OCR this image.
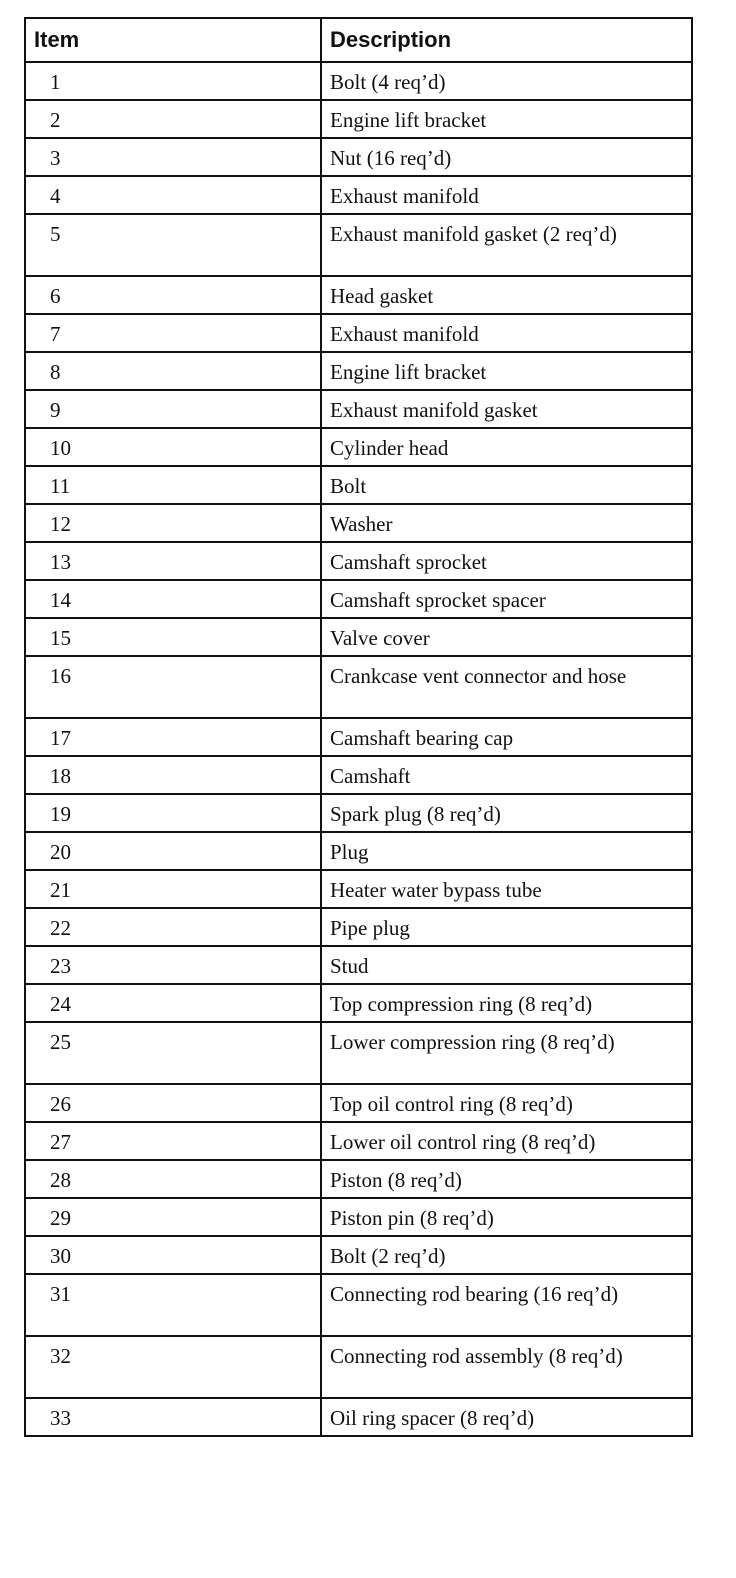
Item	Description
1	Bolt (4 req’d)
2	Engine lift bracket
3	Nut (16 req’d)
4	Exhaust manifold
5	Exhaust manifold gasket (2 req’d)
6	Head gasket
7	Exhaust manifold
8	Engine lift bracket
9	Exhaust manifold gasket
10	Cylinder head
11	Bolt
12	Washer
13	Camshaft sprocket
14	Camshaft sprocket spacer
15	Valve cover
16	Crankcase vent connector and hose
17	Camshaft bearing cap
18	Camshaft
19	Spark plug (8 req’d)
20	Plug
21	Heater water bypass tube
22	Pipe plug
23	Stud
24	Top compression ring (8 req’d)
25	Lower compression ring (8 req’d)
26	Top oil control ring (8 req’d)
27	Lower oil control ring (8 req’d)
28	Piston (8 req’d)
29	Piston pin (8 req’d)
30	Bolt (2 req’d)
31	Connecting rod bearing (16 req’d)
32	Connecting rod assembly (8 req’d)
33	Oil ring spacer (8 req’d)
